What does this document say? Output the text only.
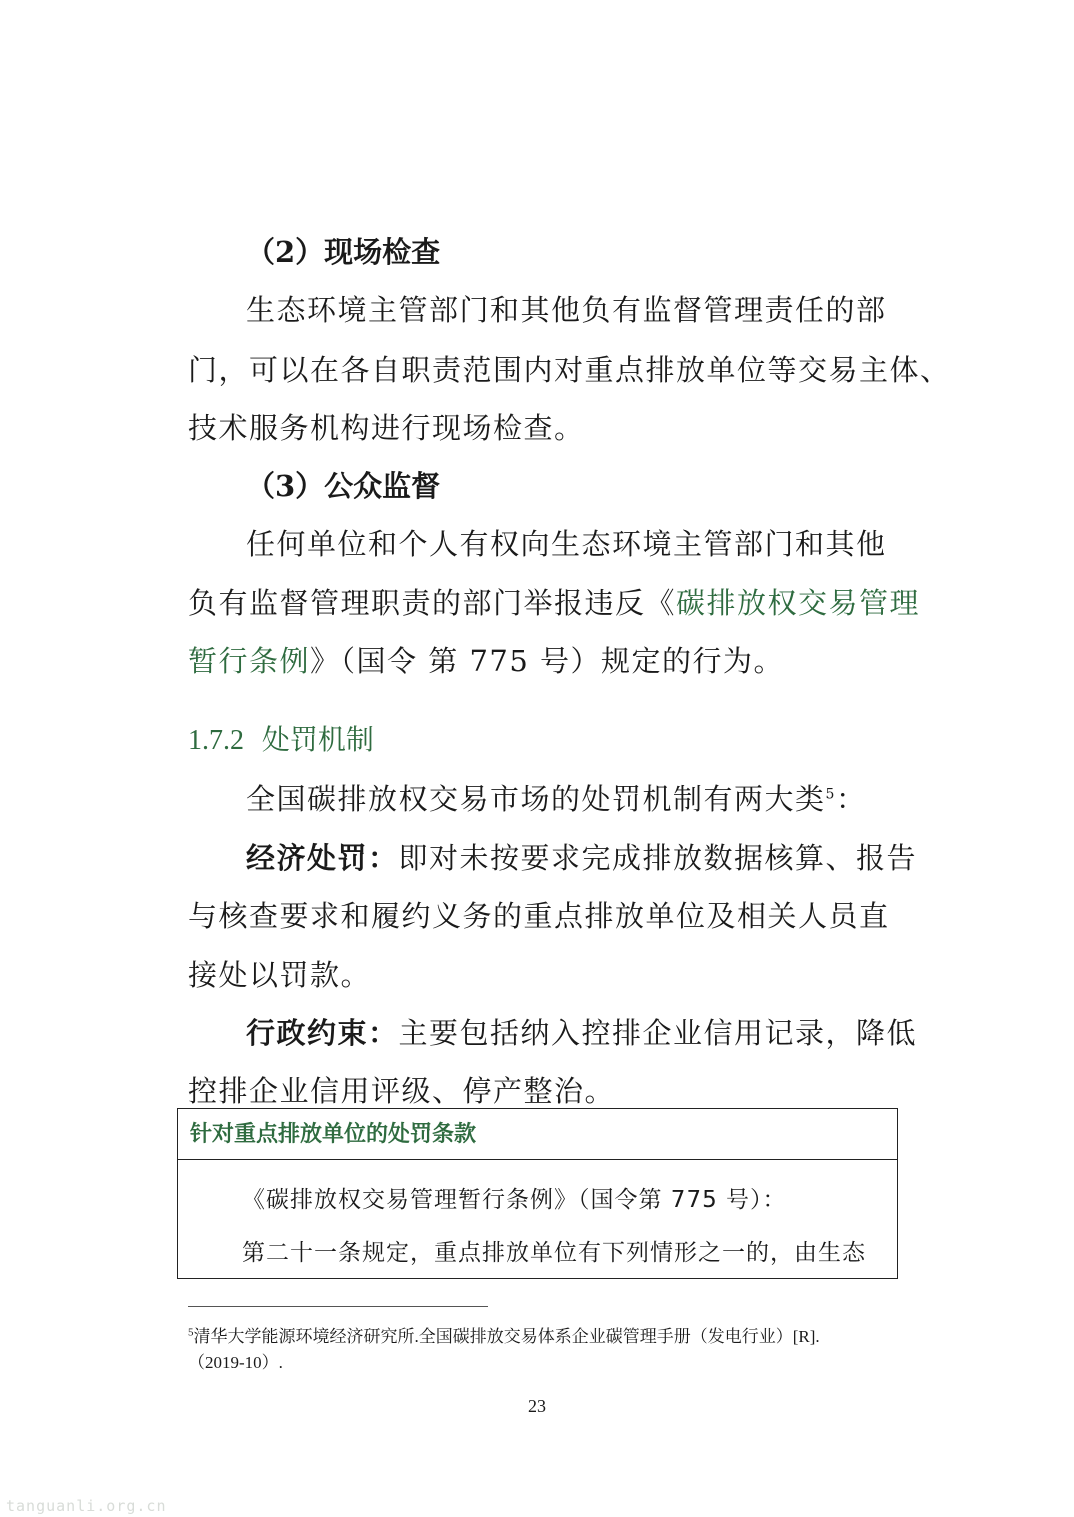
（2）现场检查
生态环境主管部门和其他负有监督管理责任的部
门，可以在各自职责范围内对重点排放单位等交易主体、
技术服务机构进行现场检查。
（3）公众监督
任何单位和个人有权向生态环境主管部门和其他
负有监督管理职责的部门举报违反《碳排放权交易管理
暂行条例》（国令 第 775 号）规定的行为。
1.7.2 处罚机制
全国碳排放权交易市场的处罚机制有两大类$^5$：
经济处罚：即对未按要求完成排放数据核算、报告
与核查要求和履约义务的重点排放单位及相关人员直
接处以罚款。
行政约束：主要包括纳入控排企业信用记录，降低
控排企业信用评级、停产整治。
针对重点排放单位的处罚条款
《碳排放权交易管理暂行条例》（国令第 775 号）：
第二十一条规定，重点排放单位有下列情形之一的，由生态
$^5$清华大学能源环境经济研究所.全国碳排放交易体系企业碳管理手册（发电行业）[R].
（2019-10）.
23
tanguanli.org.cn
